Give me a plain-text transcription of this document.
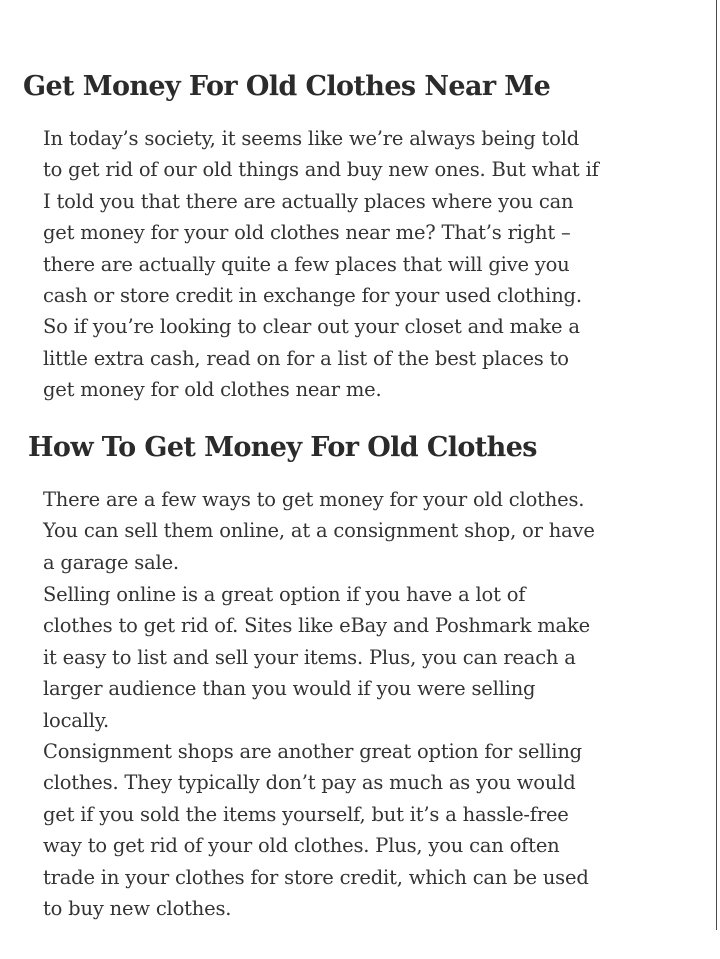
Get Money For Old Clothes Near Me

In today’s society, it seems like we’re always being told
to get rid of our old things and buy new ones. But what if
I told you that there are actually places where you can
get money for your old clothes near me? That’s right –
there are actually quite a few places that will give you
cash or store credit in exchange for your used clothing.
So if you’re looking to clear out your closet and make a
little extra cash, read on for a list of the best places to
get money for old clothes near me.

How To Get Money For Old Clothes

There are a few ways to get money for your old clothes.
You can sell them online, at a consignment shop, or have
a garage sale.

Selling online is a great option if you have a lot of
clothes to get rid of. Sites like eBay and Poshmark make
it easy to list and sell your items. Plus, you can reach a
larger audience than you would if you were selling
locally.

Consignment shops are another great option for selling
clothes. They typically don’t pay as much as you would
get if you sold the items yourself, but it’s a hassle-free
way to get rid of your old clothes. Plus, you can often
trade in your clothes for store credit, which can be used
to buy new clothes.
